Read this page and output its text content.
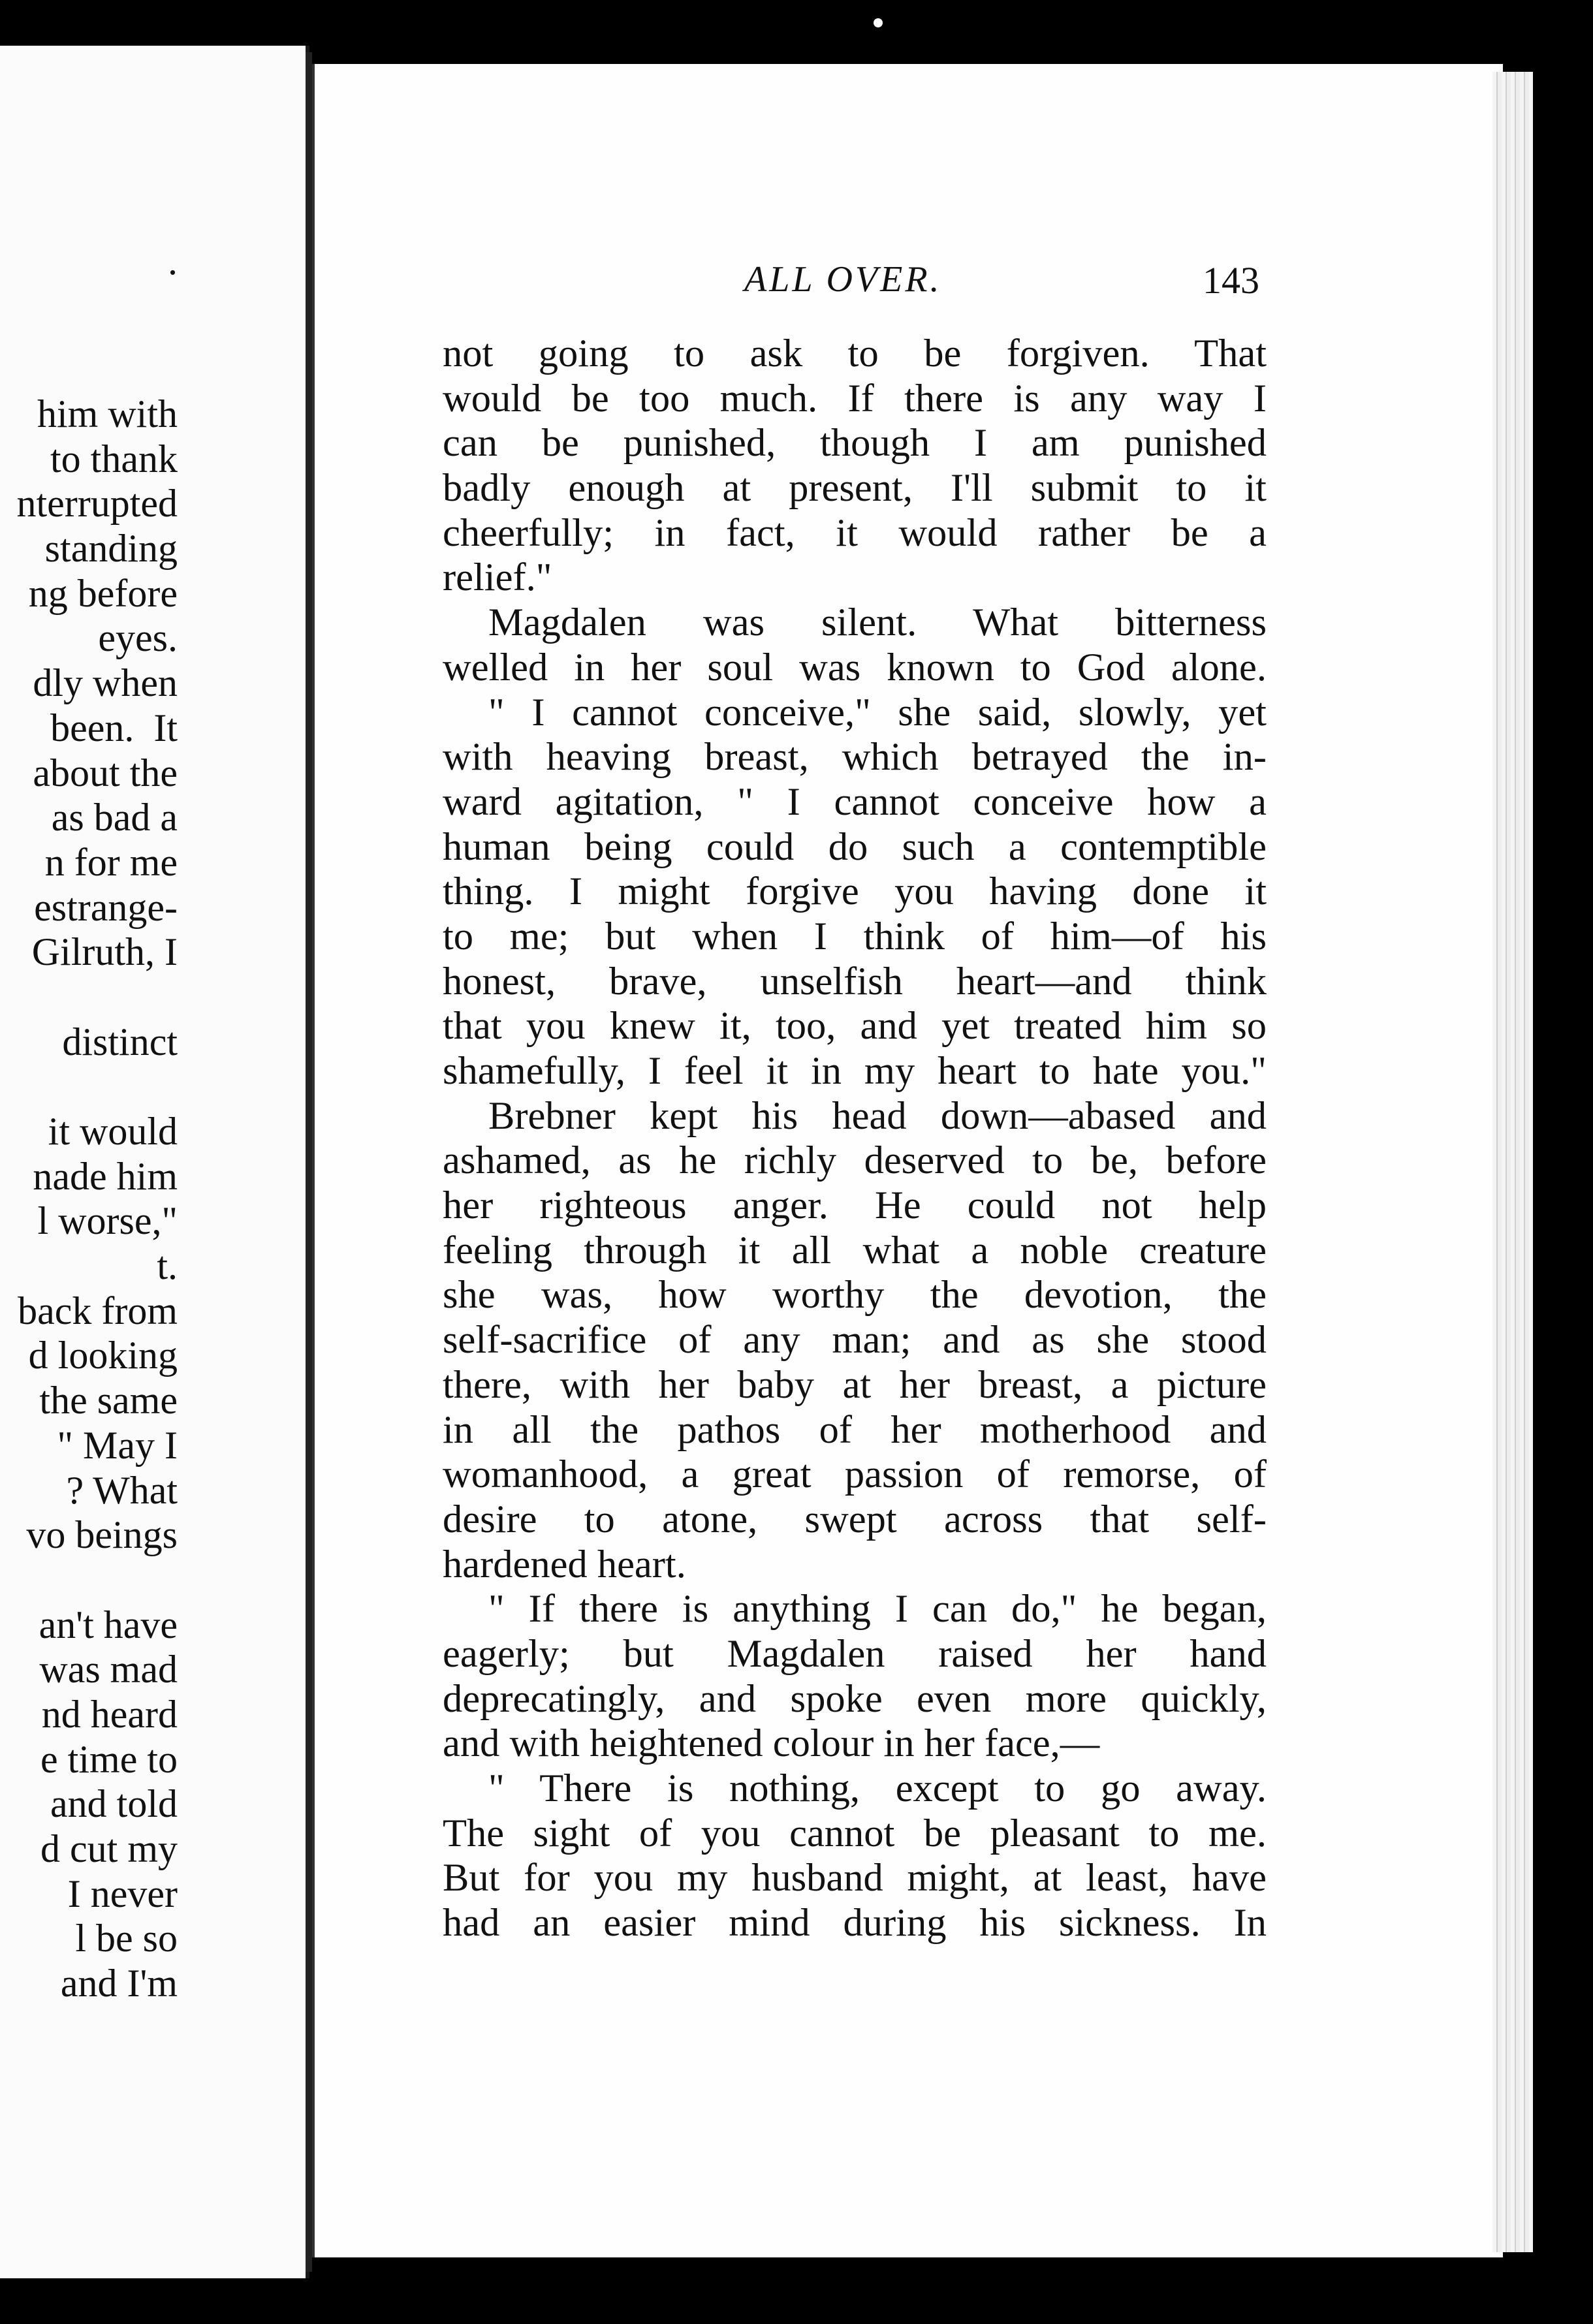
.
him with
to thank
nterrupted
standing
ng before
eyes.
dly when
been.  It
about the
as bad a
n for me
estrange-
Gilruth, I
distinct
it would
nade him
l worse,"
t.
back from
d looking
the same
" May I
? What
vo beings
an't have
was mad
nd heard
e time to
and told
d cut my
I never
l be so
and I'm
ALL OVER.	143
not going to ask to be forgiven. That
would be too much. If there is any way I
can be punished, though I am punished
badly enough at present, I'll submit to it
cheerfully; in fact, it would rather be a
relief."
Magdalen was silent. What bitterness
welled in her soul was known to God alone.
" I cannot conceive," she said, slowly, yet
with heaving breast, which betrayed the in-
ward agitation, " I cannot conceive how a
human being could do such a contemptible
thing. I might forgive you having done it
to me; but when I think of him—of his
honest, brave, unselfish heart—and think
that you knew it, too, and yet treated him so
shamefully, I feel it in my heart to hate you."
Brebner kept his head down—abased and
ashamed, as he richly deserved to be, before
her righteous anger. He could not help
feeling through it all what a noble creature
she was, how worthy the devotion, the
self-sacrifice of any man; and as she stood
there, with her baby at her breast, a picture
in all the pathos of her motherhood and
womanhood, a great passion of remorse, of
desire to atone, swept across that self-
hardened heart.
" If there is anything I can do," he began,
eagerly; but Magdalen raised her hand
deprecatingly, and spoke even more quickly,
and with heightened colour in her face,—
" There is nothing, except to go away.
The sight of you cannot be pleasant to me.
But for you my husband might, at least, have
had an easier mind during his sickness. In
